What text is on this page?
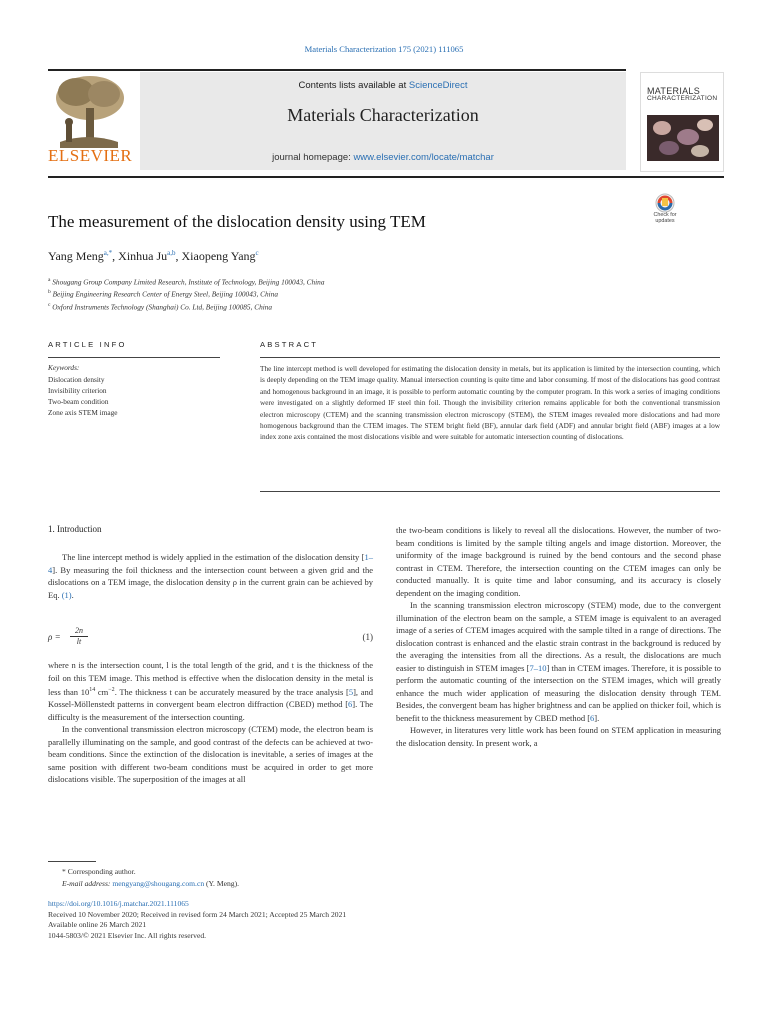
Materials Characterization 175 (2021) 111065
ELSEVIER
Contents lists available at ScienceDirect
Materials Characterization
journal homepage: www.elsevier.com/locate/matchar
MATERIALS
CHARACTERIZATION
The measurement of the dislocation density using TEM	Check for
updates
Yang Meng$^{a,*}$, Xinhua Ju$^{a,b}$, Xiaopeng Yang$^c$
$^a$ Shougang Group Company Limited Research, Institute of Technology, Beijing 100043, China
$^b$ Beijing Engineering Research Center of Energy Steel, Beijing 100043, China
$^c$ Oxford Instruments Technology (Shanghai) Co. Ltd, Beijing 100085, China
ARTICLE INFO	ABSTRACT
Keywords:
Dislocation density
Invisibility criterion
Two-beam condition
Zone axis STEM image
The line intercept method is well developed for estimating the dislocation density in metals, but its application is limited by the intersection counting, which is deeply depending on the TEM image quality. Manual intersection counting is quite time and labor consuming. If most of the dislocations has good contrast and homogenous background in an image, it is possible to perform automatic counting by the computer program. In this work a series of imaging conditions were investigated on a slightly deformed IF steel thin foil. Though the invisibility criterion remains applicable for both the conventional transmission electron microscopy (CTEM) and the scanning transmission electron microscopy (STEM), the STEM images revealed more dislocations and had more homogenous background than the CTEM images. The STEM bright field (BF), annular dark field (ADF) and annular bright field (ABF) images at a low index zone axis contained the most dislocations visible and were suitable for automatic intersection counting of dislocations.
1. Introduction

The line intercept method is widely applied in the estimation of the dislocation density [1–4]. By measuring the foil thickness and the intersection count between a given grid and the dislocations on a TEM image, the dislocation density ρ in the current grain can be achieved by Eq. (1).

$\rho = \frac{2n}{lt}$	(1)

where n is the intersection count, l is the total length of the grid, and t is the thickness of the foil on this TEM image. This method is effective when the dislocation density in the metal is less than $10^{14}$ $cm^{-2}$. The thickness t can be accurately measured by the trace analysis [5], and Kossel-Möllenstedt patterns in convergent beam electron diffraction (CBED) method [6]. The difficulty is the measurement of the intersection counting.

In the conventional transmission electron microscopy (CTEM) mode, the electron beam is parallelly illuminating on the sample, and good contrast of the defects can be achieved at two-beam conditions. Since the extinction of the dislocation is inevitable, a series of images at the same position with different two-beam conditions must be acquired in order to get more dislocations visible. The superposition of the images at all

the two-beam conditions is likely to reveal all the dislocations. However, the number of two-beam conditions is limited by the sample tilting angels and image distortion. Moreover, the uniformity of the image background is ruined by the bend contours and the second phase contrast in CTEM. Therefore, the intersection counting on the CTEM images can only be conducted manually. It is quite time and labor consuming, and its accuracy is closely dependent on the imaging condition.

In the scanning transmission electron microscopy (STEM) mode, due to the convergent illumination of the electron beam on the sample, a STEM image is equivalent to an averaged image of a series of CTEM images acquired with the sample tilted in a range of directions. The dislocation contrast is enhanced and the elastic strain contrast in the background is reduced by the averaging the intensities from all the directions. As a result, the dislocations are much easier to distinguish in STEM images [7–10] than in CTEM images. Therefore, it is possible to perform the automatic counting of the intersection on the STEM images, which will greatly enhance the much wider application of measuring the dislocation density through TEM. Besides, the convergent beam has higher brightness and can be applied on thicker foil, which is benefit to the thickness measurement by CBED method [6].

However, in literatures very little work has been found on STEM application in measuring the dislocation density. In present work, a

* Corresponding author.
E-mail address: mengyang@shougang.com.cn (Y. Meng).
https://doi.org/10.1016/j.matchar.2021.111065
Received 10 November 2020; Received in revised form 24 March 2021; Accepted 25 March 2021
Available online 26 March 2021
1044-5803/© 2021 Elsevier Inc. All rights reserved.
